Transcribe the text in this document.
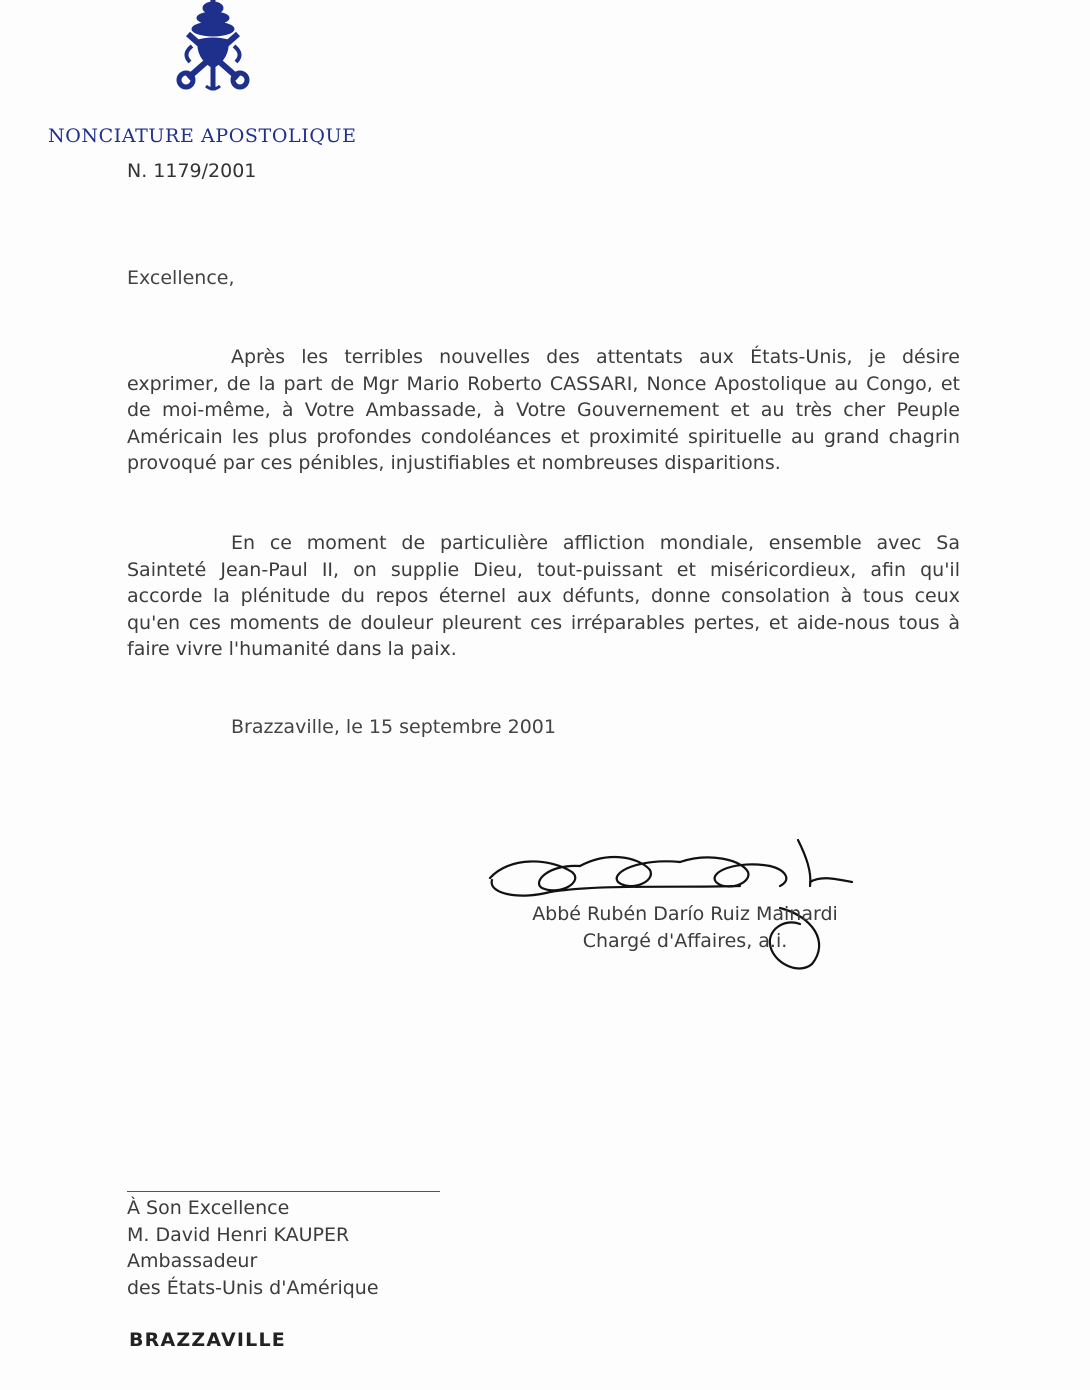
NONCIATURE APOSTOLIQUE
N. 1179/2001
Excellence,

Après les terribles nouvelles des attentats aux États-Unis, je désire exprimer, de la part de Mgr Mario Roberto CASSARI, Nonce Apostolique au Congo, et de moi-même, à Votre Ambassade, à Votre Gouvernement et au très cher Peuple Américain les plus profondes condoléances et proximité spirituelle au grand chagrin provoqué par ces pénibles, injustifiables et nombreuses disparitions.

En ce moment de particulière affliction mondiale, ensemble avec Sa Sainteté Jean-Paul II, on supplie Dieu, tout-puissant et miséricordieux, afin qu'il accorde la plénitude du repos éternel aux défunts, donne consolation à tous ceux qu'en ces moments de douleur pleurent ces irréparables pertes, et aide-nous tous à faire vivre l'humanité dans la paix.

Brazzaville, le 15 septembre 2001
Abbé Rubén Darío Ruiz Mainardi
Chargé d'Affaires, a.i.
À Son Excellence
M. David Henri KAUPER
Ambassadeur
des États-Unis d'Amérique
BRAZZAVILLE
